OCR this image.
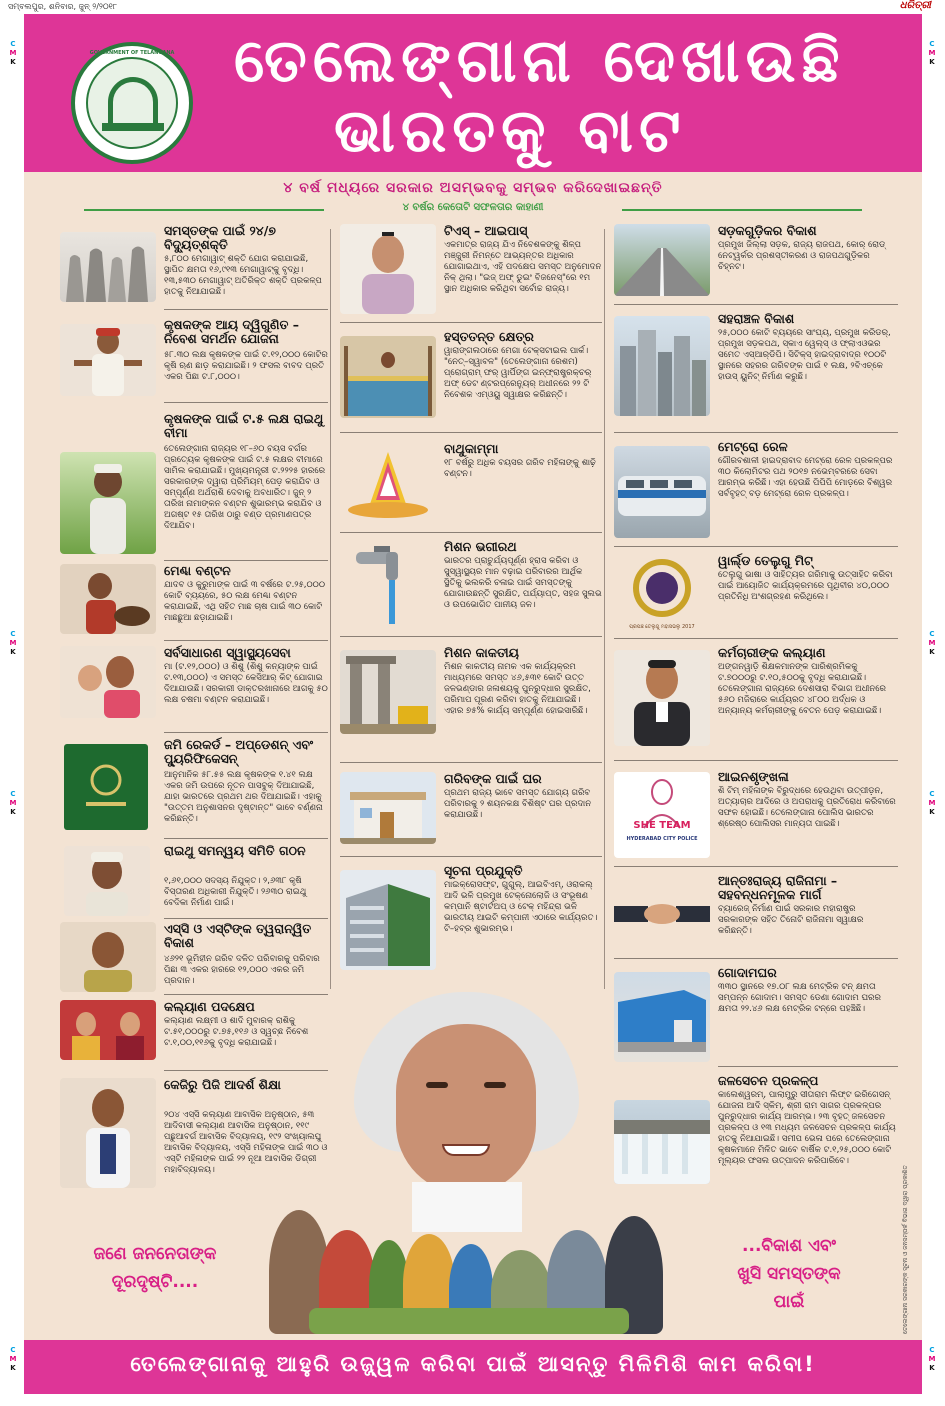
ସମ୍ବଲପୁର, ଶନିବାର, ଜୁନ୍ ୨/୨୦୧୮	ଧରିତ୍ରୀ
C
M
K
C
M
K
C
M
K
C
M
K
C
M
K
C
M
K
C
M
K
C
M
K
GOVERNMENT OF TELANGANA ତେଲେଙ୍ଗାନା ଦେଖାଉଛି
ଭାରତକୁ ବାଟ
୪ ବର୍ଷ ମଧ୍ୟରେ ସରକାର ଅସମ୍ଭବକୁ ସମ୍ଭବ କରିଦେଖାଇଛନ୍ତି
୪ ବର୍ଷର କେତୋଟି ସଫଳତାର କାହାଣୀ
ସମସ୍ତଙ୍କ ପାଇଁ ୨୪/୭ ବିଦ୍ୟୁତ୍‌ଶକ୍ତି

୫,୮୦୦ ମେଗାୱାଟ୍ ଶକ୍ତି ଯୋଗ କରାଯାଇଛି, ସ୍ଥାପିତ କ୍ଷମତା ୧୬,୯୧୩ ମେଗାୱାଟ୍‌କୁ ବୃଦ୍ଧି। ୧୩,୫୩୦ ମେଗାୱାଟ୍ ଅତିରିକ୍ତ ଶକ୍ତି ପ୍ରକଳ୍ପ ହାତକୁ ନିଆଯାଇଛି।

କୃଷକଙ୍କ ଆୟ ଦ୍ୱିଗୁଣିତ – ନିବେଶ ସମର୍ଥନ ଯୋଜନା

୫୮.୩୦ ଲକ୍ଷ କୃଷକଙ୍କ ପାଇଁ ଟ.୧୨,୦୦୦ କୋଟିର କୃଷି ଋଣ ଛାଡ଼ କରାଯାଇଛି। ୨ ଫସଲ ବାବଦ ପ୍ରତି ଏକର ପିଛା ଟ.୮,୦୦୦।

କୃଷକଙ୍କ ପାଇଁ ଟ.୫ ଲକ୍ଷ ରାଇଥୁ ବୀମା

ତେଲେଙ୍ଗାନା ରାଜ୍ୟର ୧୮–୬୦ ବୟସ ବର୍ଗର ପ୍ରତ୍ୟେକ କୃଷକଙ୍କ ପାଇଁ ଟ.୫ ଲକ୍ଷର ବୀମାରେ ସାମିଲ କରାଯାଇଛି। ମୁଖ୍ୟମନ୍ତ୍ରୀ ଟ.୨୨୨୫ ହାରରେ ସରକାରଙ୍କ ଦ୍ୱାରା ପ୍ରିମିୟମ୍ ପେଡ଼ କରାଯିବ ଓ ସମ୍ପୂର୍ଣ୍ଣ ଅର୍ଥରାଶି ଦେବାକୁ ଅବଧାରିତ। ଜୁନ୍ ୨ ତାରିଖ ନାମାଙ୍କନ ବଣ୍ଟନ ଶୁଭାରମ୍ଭ କରାଯିବ ଓ ଅଗଷ୍ଟ ୧୫ ତାରିଖ ଠାରୁ ବଣ୍ଡ ପ୍ରମାଣପତ୍ର ଦିଆଯିବ।

ମେଣ୍ଢା ବଣ୍ଟନ

ଯାଦବ ଓ କୁରୁମାଙ୍କ ପାଇଁ ୩ ବର୍ଷରେ ଟ.୨୫,୦୦୦ କୋଟି ବ୍ୟୟରେ, ୫୦ ଲକ୍ଷ ମେଣ୍ଢା ବଣ୍ଟନ କରାଯାଇଛି, ଏଥି ସହିତ ମାଛ ଚାଷ ପାଇଁ ୩୦ କୋଟି ମାଛଛୁଆ ଛଡ଼ାଯାଇଛି।

ସର୍ବସାଧାରଣ ସ୍ୱାସ୍ଥ୍ୟସେବା

ମା (ଟ.୧୨,୦୦୦) ଓ ଶିଶୁ (ଶିଶୁ କନ୍ୟାଙ୍କ ପାଇଁ ଟ.୧୩,୦୦୦) ଏ ସମସ୍ତ କେସିଆର୍ କିଟ୍ ଯୋଗାଇ ଦିଆଯାଉଛି। ସରକାରୀ ଡାକ୍ତରଖାନାରେ ଆଗକୁ ୫୦ ଲକ୍ଷ ଚଷମା ବଣ୍ଟନ କରାଯାଇଛି।

ଜମି ରେକର୍ଡ – ଅପ୍‌ଡେଶନ୍ ଏବଂ ପ୍ୟୁରିଫିକେସନ୍

ଆନୁମାନିକ ୫୮.୫୫ ଲକ୍ଷ କୃଷକଙ୍କ ୧.୪୧ ଲକ୍ଷ ଏକର ଜମି ଉପରେ ନୂତନ ପାସବୁକ୍ ଦିଆଯାଇଛି, ଯାହା ଭାରତରେ ପ୍ରଥମ ଥର ଦିଆଯାଇଛି। ଏହାକୁ "ଉତ୍ତମ ଅନୁଶାସନର ଦୃଷ୍ଟାନ୍ତ" ଭାବେ ବର୍ଣ୍ଣନା କରିଛନ୍ତି।

ରାଇଥୁ ସମନ୍ୱୟ ସମିତି ଗଠନ

୧,୬୧,୦୦୦ ସଦସ୍ୟ ନିଯୁକ୍ତ। ୨,୬୩୮ କୃଷି ବିସ୍ତାରଣ ଅଧିକାରୀ ନିଯୁକ୍ତି। ୨୬୩୦ ରାଇଥୁ ବେଦିକା ନିର୍ମାଣ ପାଇଁ।

ଏସ୍‌ସି ଓ ଏସ୍‌ଟିଙ୍କ ତ୍ୱରାନ୍ୱିତ ବିକାଶ

୪୬୨୧ ଭୂମିହୀନ ଗରିବ ଦଳିତ ପରିବାରକୁ ପରିବାର ପିଛା ୩ ଏକର ହାରରେ ୧୨,୦୦୦ ଏକର ଜମି ପ୍ରଦାନ।

କଲ୍ୟାଣ ପଦକ୍ଷେପ

କଲ୍ୟାଣ ଲକ୍ଷ୍ମୀ ଓ ଶାଦି ମୁବାରକ୍ ରାଶିକୁ ଟ.୫୧,୦୦୦ରୁ ଟ.୭୫,୧୧୬ ଓ ସ୍ୱଚ୍ଛ ନିବେଶ ଟ.୧,୦୦,୧୧୬କୁ ବୃଦ୍ଧି କରାଯାଇଛି।

କେଜିରୁ ପିଜି ଆଦର୍ଶ ଶିକ୍ଷା

୨୦୪ ଏସ୍‌ସି କଲ୍ୟାଣ ଆବାସିକ ଅନୁଷ୍ଠାନ, ୫୩ ଆଦିବାସୀ କଲ୍ୟାଣ ଆବାସିକ ଅନୁଷ୍ଠାନ, ୧୧୯ ପଛୁଆବର୍ଗ ଆବାସିକ ବିଦ୍ୟାଳୟ, ୧୯୨ ସଂଖ୍ୟାଲଘୁ ଆବାସିକ ବିଦ୍ୟାଳୟ, ଏସ୍‌ସି ମହିଳାଙ୍କ ପାଇଁ ୩୦ ଓ ଏସ୍‌ଟି ମହିଳାଙ୍କ ପାଇଁ ୨୨ ନୂଆ ଆବାସିକ ଡିଗ୍ରୀ ମହାବିଦ୍ୟାଳୟ।

ଟିଏସ୍ – ଆଇପାସ୍

ଏକମାତ୍ର ରାଜ୍ୟ ଯିଏ ନିବେଶକଙ୍କୁ ଶିଳ୍ପ ମଞ୍ଜୁରୀ ନିମନ୍ତେ ଆଭ୍ୟନ୍ତର ଅଧିକାର ଯୋଗାଇଥାଏ, ଏହି ପଦକ୍ଷେପ ସମସ୍ତ ଅନୁମୋଦନ ନିକ୍ ଥିଲା। "ଇଜ୍ ଅଫ୍ ଡୁଇଂ ବିଜନେସ୍"ରେ ୧ମ ସ୍ଥାନ ଅଧିକାର କରିଥିବା ସର୍ବୋଚ୍ଚ ରାଜ୍ୟ।

ହସ୍ତତନ୍ତ କ୍ଷେତ୍ର

ୱାରାଙ୍ଗଲଠାରେ ମେଗା ଟେକ୍‌ସଟାଇଲ ପାର୍କ। "ନେତ୍‌–ସ୍ୱାବଳ" (ତେଲେଙ୍ଗାନା ରେଶମ) ପ୍ରୋଗ୍ରାମ୍ ଫର୍ ୱାର୍ପିଙ୍ଗ ଇନ୍‌ଫ୍ରାଷ୍ଟ୍ରକ୍‌ଚର୍ ଅଫ୍ ଡେଟ ଣ୍ଟରପ୍ରେନ୍ୟୁର୍ ଅଧୀନରେ ୨୨ ଟି ନିବେଶକ ଏମ୍‌ଓୟୁ ସ୍ୱାକ୍ଷର କରିଛନ୍ତି।

ବାଥୁକାମ୍ମା

୧୮ ବର୍ଷରୁ ଅଧିକ ବୟସର ଗରିବ ମହିଳାଙ୍କୁ ଶାଢ଼ି ବଣ୍ଟନ।

ମିଶନ ଭଗୀରଥ

ଭାରତର ପ୍ରାଚୁର୍ଯ୍ୟପୂର୍ଣ୍ଣ ହ୍ରାସ କରିବା ଓ ସୁସ୍ୱାସ୍ଥ୍ୟର ମାନ ବଢ଼ାଇ ପରିବାରର ଆର୍ଥିକ ସ୍ଥିତିକୁ ଭଲକରି ଚଳାଇ ପାଇଁ ସମସ୍ତଙ୍କୁ ଯୋଗାଉଛନ୍ତି ସୁରକ୍ଷିତ, ପର୍ଯ୍ୟାପ୍ତ, ସହଜ ସୁଲଭ ଓ ଉପଭୋଗିତ ପାନୀୟ ଜଳ।

ମିଶନ କାକତୀୟ

ମିଶନ କାକତୀୟ ନାମକ ଏକ କାର୍ଯ୍ୟକ୍ରମ ମାଧ୍ୟମରେ ସମସ୍ତ ୪୬,୫୩୧ କୋଟି ଉତ୍ତ ଜଳଭଣ୍ଡାର ଜଳାଶୟକୁ ପୁନରୁଦ୍ଧାର ସୁରକ୍ଷିତ, ପରିମାପ ପୂରଣ କରିବା ହାତକୁ ନିଆଯାଇଛି। ଏହାର ୭୫% କାର୍ଯ୍ୟ ସମ୍ପୂର୍ଣ୍ଣ ହୋଇସାରିଛି।

ଗରିବଙ୍କ ପାଇଁ ଘର

ପ୍ରଥମ ରାଜ୍ୟ ଭାବେ ସମସ୍ତ ଯୋଗ୍ୟ ଗରିବ ପରିବାରକୁ ୨ ଶୟନକକ୍ଷ ବିଶିଷ୍ଟ ଘର ପ୍ରଦାନ କରାଯାଉଛି।

ସୂଚନା ପ୍ରଯୁକ୍ତି

ମାଇକ୍ରୋସଫ୍ଟ, ଗୁଗୁଲ୍, ଆଇବିଏମ୍, ଓରାକଲ୍ ଆଦି ଭଳି ପ୍ରମୁଖ ଟେକ୍‌ନୋଲୋଜି ଓ ସଂଭୂଷଣ କମ୍ପାନି ଷ୍ଟାର୍ଟଅପ୍ ଓ ଟେକ୍ ମହିନ୍ଦ୍ରା ଭଳି ଭାରତୀୟ ଆଇଟି କମ୍ପାନୀ ଏଠାରେ କାର୍ଯ୍ୟରତ। ଟି–ହବ୍‌ର ଶୁଭାରମ୍ଭ।

ସଡ଼କଗୁଡ଼ିକର ବିକାଶ

ପ୍ରମୁଖ ଜିଲ୍ଲା ସଡ଼କ, ରାଜ୍ୟ ରାଜପଥ, କୋର୍ ରୋଡ୍ ନେଟ୍‌ୱର୍କର ପ୍ରଶସ୍ତୀକରଣ ଓ ରାଜପଥଗୁଡ଼ିକର ଚିହ୍ନଟ।

ସହରାଞ୍ଚଳ ବିକାଶ

୨୫,୦୦୦ କୋଟି ବ୍ୟୟରେ ସାଂଘ୍ୟ, ପ୍ରମୁଖ କରିଡର୍, ପ୍ରମୁଖ ସଡ଼କପଥ, ସ୍କାଏ ୱେଲ୍ସ୍ ଓ ଫ୍ଲାଏଓଭର ସମେତ ଏସ୍‌ଆର୍‌ଡିପି। ସିଟିକ୍ସ୍ ହାଇଦ୍ରାବାଦ୍‌ର ୧୦୦ଟି ସ୍ଥାନରେ ସହରର ଗରିବଙ୍କ ପାଇଁ ୧ ଲକ୍ଷ, ୨ବିଏଚ୍‌କେ ହାଉସ୍ ୟୁନିଟ୍ ନିର୍ମାଣ କରୁଛି।

ମେଟ୍ରୋ ରେଳ

ଗୌରବଶାଳୀ ହାଇଦ୍ରାବାଦ ମେଟ୍ରୋ ରେଳ ପ୍ରକଳ୍ପର ୩୦ କିଲୋମିଟର ପଥ ୨୦୧୭ ନଭେମ୍ବରରେ ସେବା ଆରମ୍ଭ କରିଛି। ଏହା ହେଉଛି ପିପିପି ମୋଡ଼ରେ ବିଶ୍ୱର ସର୍ବବୃହତ୍ ବଡ଼ ମେଟ୍ରୋ ରେଳ ପ୍ରକଳ୍ପ।

ପ୍ରପଞ୍ଚ ତେଲୁଗୁ ମହାସଭଲୁ 2017
ୱାର୍ଲ୍ଡ ତେଲୁଗୁ ମିଟ୍

ତେଲୁଗୁ ଭାଷା ଓ ସାହିତ୍ୟର ଗରିମାକୁ ଉତ୍ସାହିତ କରିବା ପାଇଁ ଆୟୋଜିତ କାର୍ଯ୍ୟକ୍ରମରେ ପୃଥିବୀର ୪୦,୦୦୦ ପ୍ରତିନିଧି ଅଂଶଗ୍ରହଣ କରିଥିଲେ।

କର୍ମଚାରୀଙ୍କ କଲ୍ୟାଣ

ଅଙ୍ଗନୱାଡ଼ି ଶିକ୍ଷକମାନଙ୍କ ପାରିଶ୍ରମିକକୁ ଟ.୭୦୦୦ରୁ ଟ.୧୦,୫୦୦କୁ ବୃଦ୍ଧି କରାଯାଇଛି। ତେଲେଙ୍ଗାନା ରାଜ୍ୟରେ ଦେଶସାରା ବିଭାଗ ଅଧୀନରେ ୫୬୦ ମଜିରାରେ କାର୍ଯ୍ୟରତ ୪୮୦୦ ଅର୍ଦ୍ଧକ ଓ ଅନ୍ୟାନ୍ୟ କର୍ମଚାରୀଙ୍କୁ ବେତନ ପେଡ଼ କରାଯାଇଛି।

SHE TEAM
HYDERABAD CITY POLICE
ଆଇନଶୃଙ୍ଖଳା

ଶି ଟିମ୍ ମହିଳାଙ୍କ ବିରୁଦ୍ଧରେ ହେଉଥିବା ଉତ୍ପୀଡ଼ନ, ଅତ୍ୟାଚାର ଆଦିରେ ଓ ଅପରାଧକୁ ପ୍ରତିରୋଧ କରିବାରେ ସଫଳ ହୋଇଛି। ତେଲେଙ୍ଗାନା ପୋଲିସ ଭାରତର ଶ୍ରେଷ୍ଠ ପୋଲିସର ମାନ୍ୟତା ପାଇଛି।

ଆନ୍ତଃରାଜ୍ୟ ରାଜିନାମା – ସହବନ୍ଧନମୂଳକ ମାର୍ଗ

ବ୍ୟାରେଜ୍ ନିର୍ମାଣ ପାଇଁ ସରକାର ମହାରାଷ୍ଟ୍ର ସରକାରଙ୍କ ସହିତ ତିନୋଟି ରାଜିନାମା ସ୍ୱାକ୍ଷର କରିଛନ୍ତି।

ଗୋଦାମଘର

୩୩୦ ସ୍ଥାନରେ ୧୭.୦୮ ଲକ୍ଷ ମେଟ୍ରିକ ଟନ୍ କ୍ଷମତା ସମ୍ପନ୍ନ ଗୋଦାମ। ସମସ୍ତ ଡେଣା ଗୋଦାମ ଘରର କ୍ଷମତା ୨୨.୪୬ ଲକ୍ଷ ମେଟ୍ରିକ ଟନ୍‌ରେ ପହଞ୍ଚିଛି।

ଜଳସେଚନ ପ୍ରକଳ୍ପ

କାଲେଶ୍ୱରମ୍, ପାଲାମୁରୁ ସୀତାରାମ ଲିଫ୍ଟ ଇରିଗେସନ୍ ଯୋଜନା ଆଦି ସ୍କିମ୍, ଶ୍ରୀ ରାମ ସାଗର ପ୍ରକଳ୍ପର ପୁନରୁଦ୍ଧାର କାର୍ଯ୍ୟ ଆରମ୍ଭ। ୨୩ ବୃହତ୍ ଜଳସେଚନ ପ୍ରକଳ୍ପ ଓ ୧୩ ମଧ୍ୟମ ଜଳସେଚନ ପ୍ରକଳ୍ପ କାର୍ଯ୍ୟ ହାତକୁ ନିଆଯାଇଛି। ସମୀପ ଭେଳା ପରେ ତେଲେଙ୍ଗାନା କୃଷକମାନେ ମିଳିତ ଭାବେ ବାର୍ଷିକ ଟ.୧,୨୫,୦୦୦ କୋଟି ମୂଲ୍ୟର ଫସଲ ଉତ୍ପାଦନ କରିପାରିବେ।

ଜଣେ ଜନନେତାଙ୍କ
ଦୂରଦୃଷ୍ଟି....
...ବିକାଶ ଏବଂ
ଖୁସି ସମସ୍ତଙ୍କ
ପାଇଁ	ତେଲେଙ୍ଗାନା ସରକାରଙ୍କ ସୂଚନା ଓ ଜନସମ୍ପର୍କ ବିଭାଗ ଦ୍ୱାରା ପ୍ରକାଶିତ
ତେଲେଙ୍ଗାନାକୁ ଆହୁରି ଉଜ୍ଜ୍ୱଳ କରିବା ପାଇଁ ଆସନ୍ତୁ ମିଳିମିଶି କାମ କରିବା!
